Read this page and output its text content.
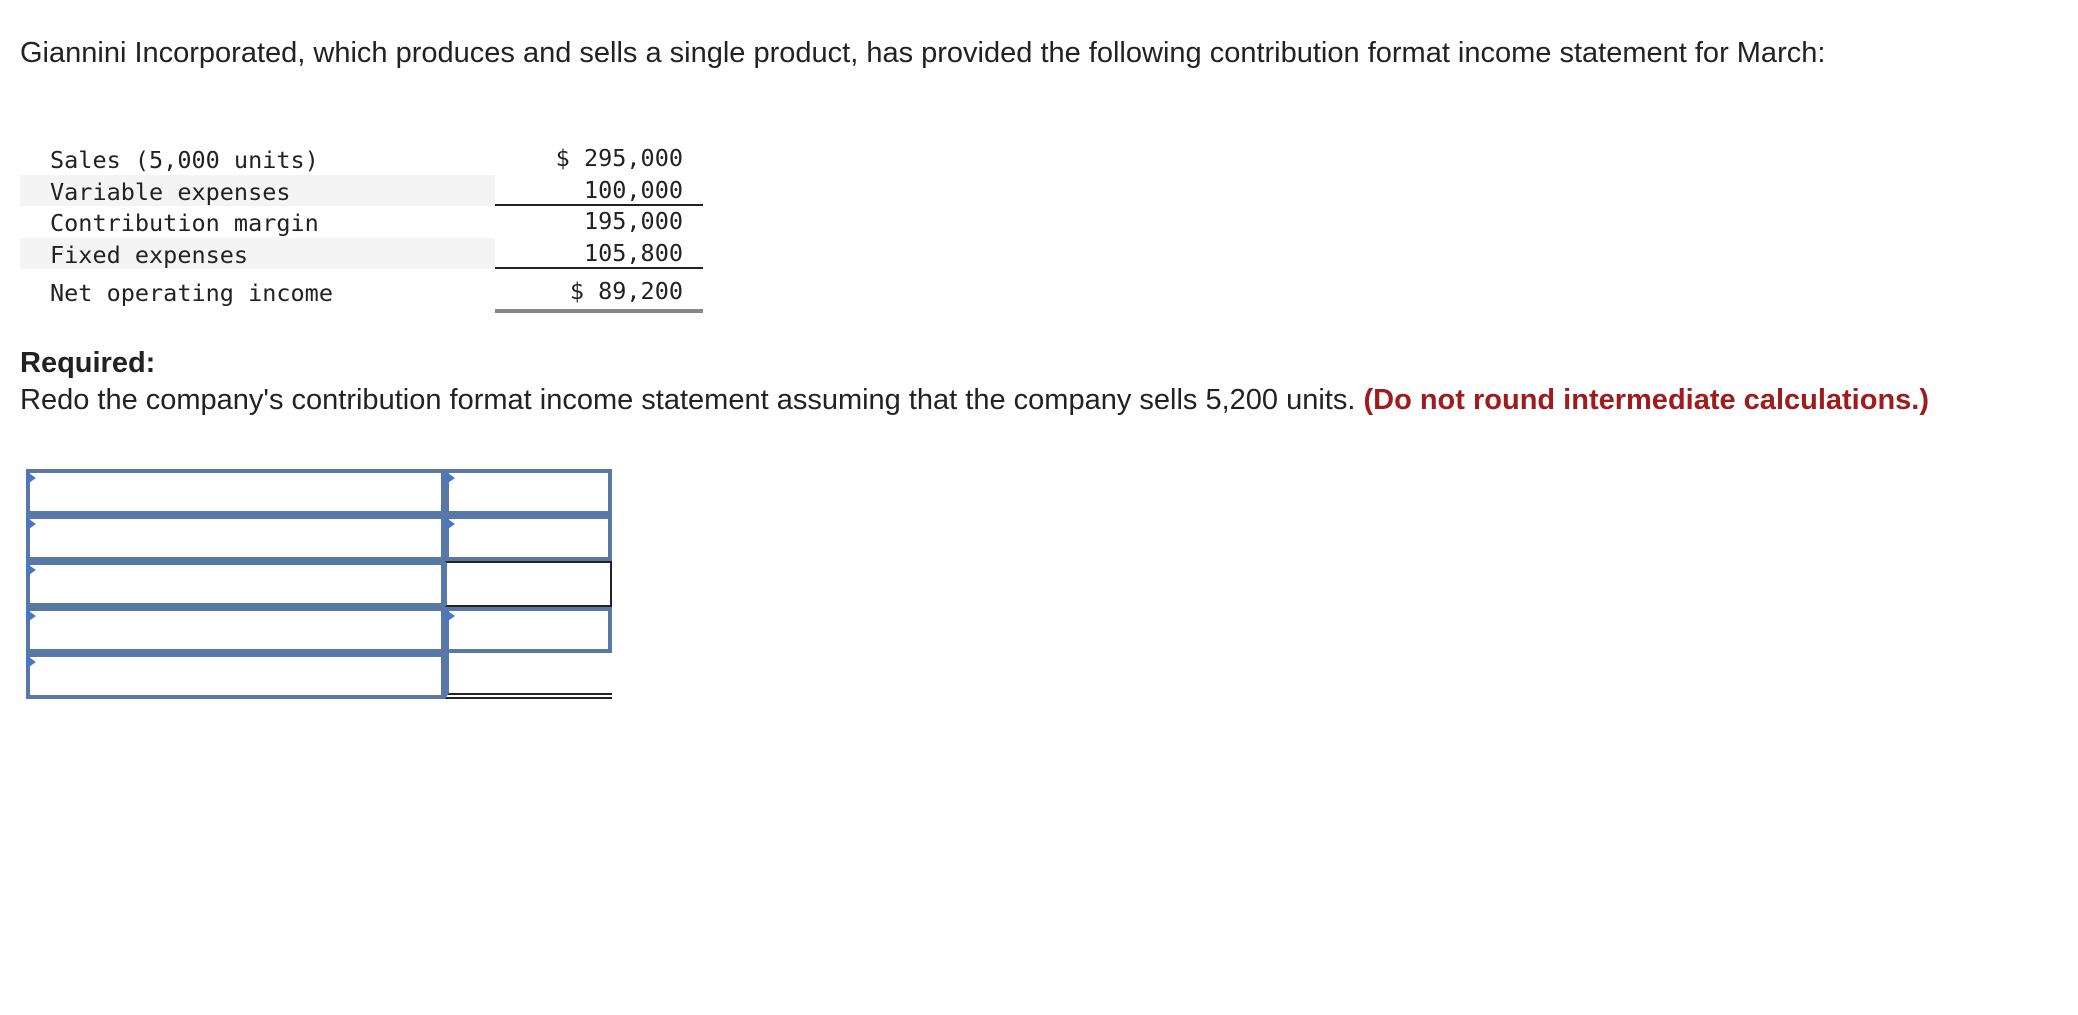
Giannini Incorporated, which produces and sells a single product, has provided the following contribution format income statement for March:

Sales (5,000 units)	$ 295,000
Variable expenses	100,000
Contribution margin	195,000
Fixed expenses	105,800
Net operating income	$ 89,200

Required:

Redo the company's contribution format income statement assuming that the company sells 5,200 units. (Do not round intermediate calculations.)
